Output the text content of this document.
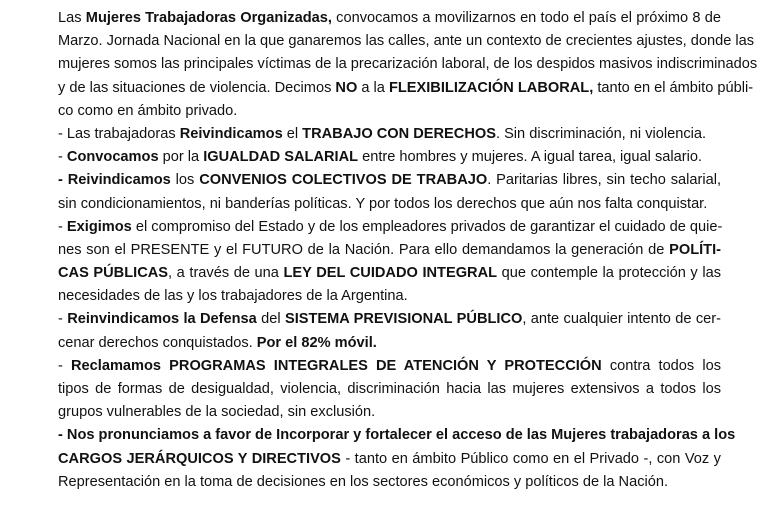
Las Mujeres Trabajadoras Organizadas, convocamos a movilizarnos en todo el país el próximo 8 de
Marzo. Jornada Nacional en la que ganaremos las calles, ante un contexto de crecientes ajustes, donde las
mujeres somos las principales víctimas de la precarización laboral, de los despidos masivos indiscriminados
y de las situaciones de violencia. Decimos NO a la FLEXIBILIZACIÓN LABORAL, tanto en el ámbito públi-
co como en ámbito privado.
- Las trabajadoras Reivindicamos el TRABAJO CON DERECHOS. Sin discriminación, ni violencia.
- Convocamos por la IGUALDAD SALARIAL entre hombres y mujeres. A igual tarea, igual salario.
- Reivindicamos los CONVENIOS COLECTIVOS DE TRABAJO. Paritarias libres, sin techo salarial,
sin condicionamientos, ni banderías políticas. Y por todos los derechos que aún nos falta conquistar.
- Exigimos el compromiso del Estado y de los empleadores privados de garantizar el cuidado de quie-
nes son el PRESENTE y el FUTURO de la Nación. Para ello demandamos la generación de POLÍTI-
CAS PÚBLICAS, a través de una LEY DEL CUIDADO INTEGRAL que contemple la protección y las
necesidades de las y los trabajadores de la Argentina.
- Reinvindicamos la Defensa del SISTEMA PREVISIONAL PÚBLICO, ante cualquier intento de cer-
cenar derechos conquistados. Por el 82% móvil.
- Reclamamos PROGRAMAS INTEGRALES DE ATENCIÓN Y PROTECCIÓN contra todos los
tipos de formas de desigualdad, violencia, discriminación hacia las mujeres extensivos a todos los
grupos vulnerables de la sociedad, sin exclusión.
- Nos pronunciamos a favor de Incorporar y fortalecer el acceso de las Mujeres trabajadoras a los
CARGOS JERÁRQUICOS Y DIRECTIVOS - tanto en ámbito Público como en el Privado -, con Voz y
Representación en la toma de decisiones en los sectores económicos y políticos de la Nación.
